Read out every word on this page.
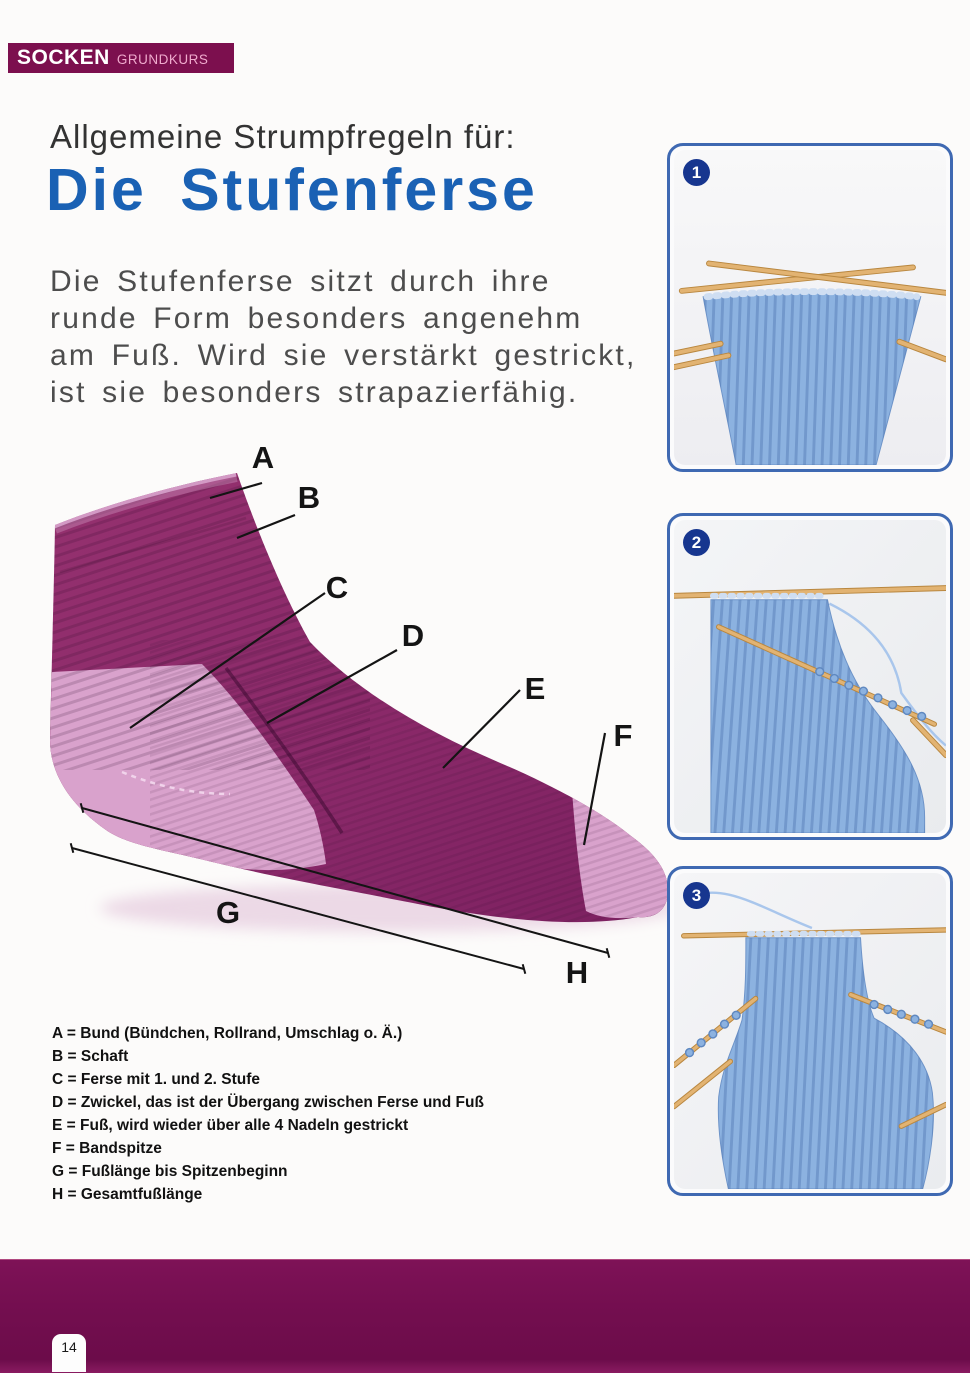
SOCKEN GRUNDKURS
Allgemeine Strumpfregeln für:
Die Stufenferse
Die Stufenferse sitzt durch ihre
runde Form besonders angenehm
am Fuß. Wird sie verstärkt gestrickt,
ist sie besonders strapazierfähig.
A
B
C
D
E
F
G
H
A = Bund (Bündchen, Rollrand, Umschlag o. Ä.)
B = Schaft
C = Ferse mit 1. und 2. Stufe
D = Zwickel, das ist der Übergang zwischen Ferse und Fuß
E = Fuß, wird wieder über alle 4 Nadeln gestrickt
F = Bandspitze
G = Fußlänge bis Spitzenbeginn
H = Gesamtfußlänge
1
2
3
14
